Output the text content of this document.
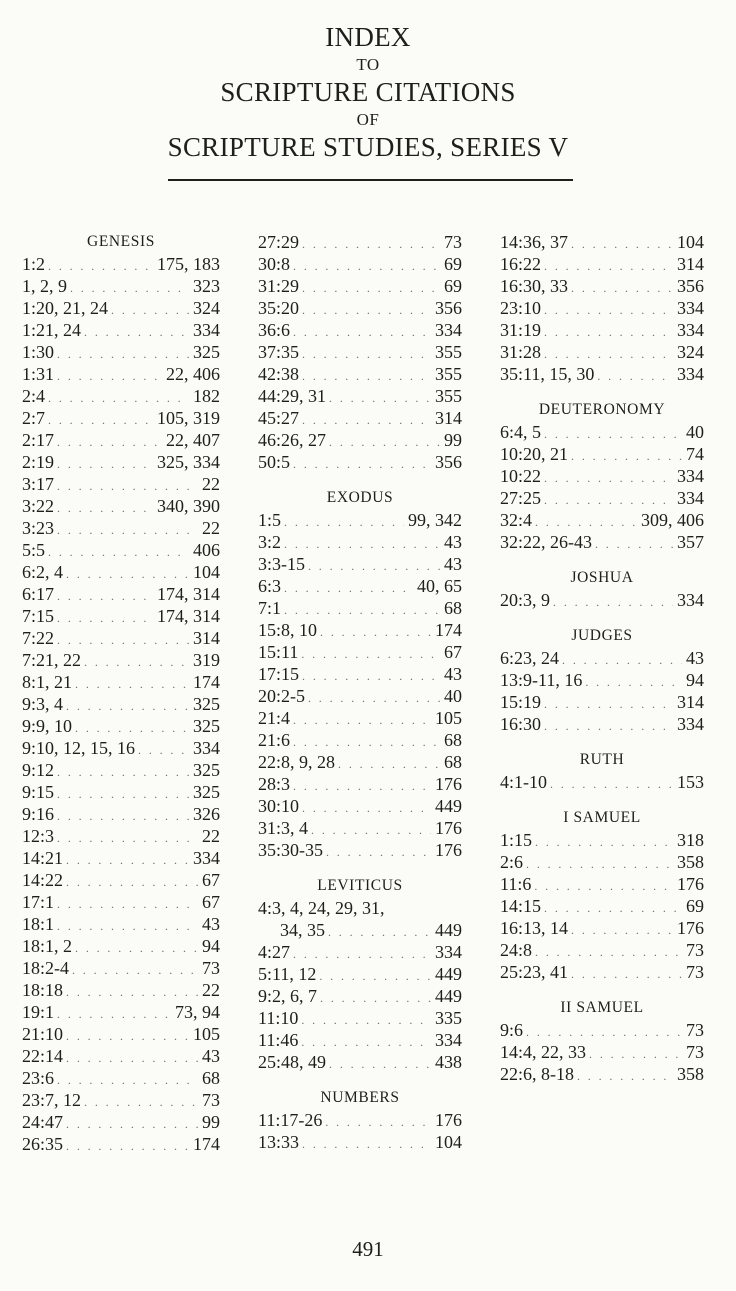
INDEX
TO
SCRIPTURE CITATIONS
OF
SCRIPTURE STUDIES, SERIES V
GENESIS
1:2 . . .	175, 183
1, 2, 9 . . .	323
1:20, 21, 24 . . .	324
1:21, 24 . . .	334
1:30 . . .	325
1:31 . . .	22, 406
2:4 . . .	182
2:7 . . .	105, 319
2:17 . . .	22, 407
2:19 . . .	325, 334
3:17 . . .	22
3:22 . . .	340, 390
3:23 . . .	22
5:5 . . .	406
6:2, 4 . . .	104
6:17 . . .	174, 314
7:15 . . .	174, 314
7:22 . . .	314
7:21, 22 . . .	319
8:1, 21 . . .	174
9:3, 4 . . .	325
9:9, 10 . . .	325
9:10, 12, 15, 16 . . .	334
9:12 . . .	325
9:15 . . .	325
9:16 . . .	326
12:3 . . .	22
14:21 . . .	334
14:22 . . .	67
17:1 . . .	67
18:1 . . .	43
18:1, 2 . . .	94
18:2-4 . . .	73
18:18 . . .	22
19:1 . . .	73, 94
21:10 . . .	105
22:14 . . .	43
23:6 . . .	68
23:7, 12 . . .	73
24:47 . . .	99
26:35 . . .	174
27:29 . . .	73
30:8 . . .	69
31:29 . . .	69
35:20 . . .	356
36:6 . . .	334
37:35 . . .	355
42:38 . . .	355
44:29, 31 . . .	355
45:27 . . .	314
46:26, 27 . . .	99
50:5 . . .	356
EXODUS
1:5 . . .	99, 342
3:2 . . .	43
3:3-15 . . .	43
6:3 . . .	40, 65
7:1 . . .	68
15:8, 10 . . .	174
15:11 . . .	67
17:15 . . .	43
20:2-5 . . .	40
21:4 . . .	105
21:6 . . .	68
22:8, 9, 28 . . .	68
28:3 . . .	176
30:10 . . .	449
31:3, 4 . . .	176
35:30-35 . . .	176
LEVITICUS
4:3, 4, 24, 29, 31,
34, 35 . . .	449
4:27 . . .	334
5:11, 12 . . .	449
9:2, 6, 7 . . .	449
11:10 . . .	335
11:46 . . .	334
25:48, 49 . . .	438
NUMBERS
11:17-26 . . .	176
13:33 . . .	104
14:36, 37 . . .	104
16:22 . . .	314
16:30, 33 . . .	356
23:10 . . .	334
31:19 . . .	334
31:28 . . .	324
35:11, 15, 30 . . .	334
DEUTERONOMY
6:4, 5 . . .	40
10:20, 21 . . .	74
10:22 . . .	334
27:25 . . .	334
32:4 . . .	309, 406
32:22, 26-43 . . .	357
JOSHUA
20:3, 9 . . .	334
JUDGES
6:23, 24 . . .	43
13:9-11, 16 . . .	94
15:19 . . .	314
16:30 . . .	334
RUTH
4:1-10 . . .	153
I SAMUEL
1:15 . . .	318
2:6 . . .	358
11:6 . . .	176
14:15 . . .	69
16:13, 14 . . .	176
24:8 . . .	73
25:23, 41 . . .	73
II SAMUEL
9:6 . . .	73
14:4, 22, 33 . . .	73
22:6, 8-18 . . .	358
491
